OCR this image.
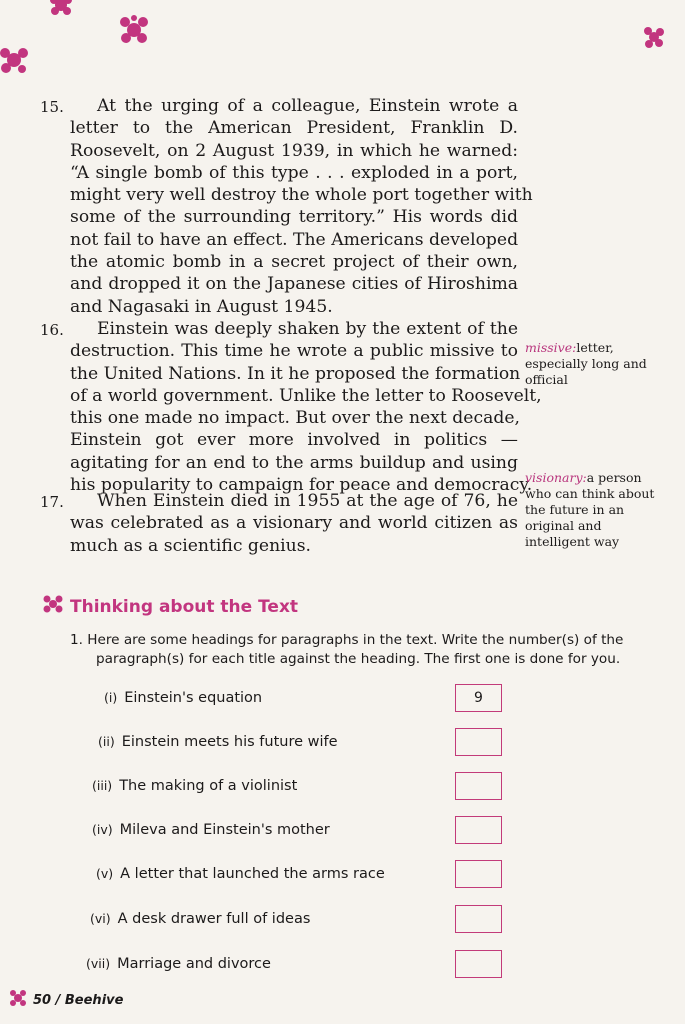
15.	At the urging of a colleague, Einstein wrote a
letter to the American President, Franklin D.
Roosevelt, on 2 August 1939, in which he warned:
“A single bomb of this type . . . exploded in a port,
might very well destroy the whole port together with
some of the surrounding territory.” His words did
not fail to have an effect. The Americans developed
the atomic bomb in a secret project of their own,
and dropped it on the Japanese cities of Hiroshima
and Nagasaki in August 1945.
16.	Einstein was deeply shaken by the extent of the
destruction. This time he wrote a public missive to
the United Nations. In it he proposed the formation
of a world government. Unlike the letter to Roosevelt,
this one made no impact. But over the next decade,
Einstein got ever more involved in politics —
agitating for an end to the arms buildup and using
his popularity to campaign for peace and democracy.
17.	When Einstein died in 1955 at the age of 76, he
was celebrated as a visionary and world citizen as
much as a scientific genius.
missive:letter,
especially long and
official
visionary:a person
who can think about
the future in an
original and
intelligent way
Thinking about the Text
1. Here are some headings for paragraphs in the text. Write the number(s) of the
paragraph(s) for each title against the heading. The first one is done for you.
(i) Einstein's equation	9
(ii) Einstein meets his future wife
(iii) The making of a violinist
(iv) Mileva and Einstein's mother
(v) A letter that launched the arms race
(vi) A desk drawer full of ideas
(vii) Marriage and divorce
50 / Beehive
